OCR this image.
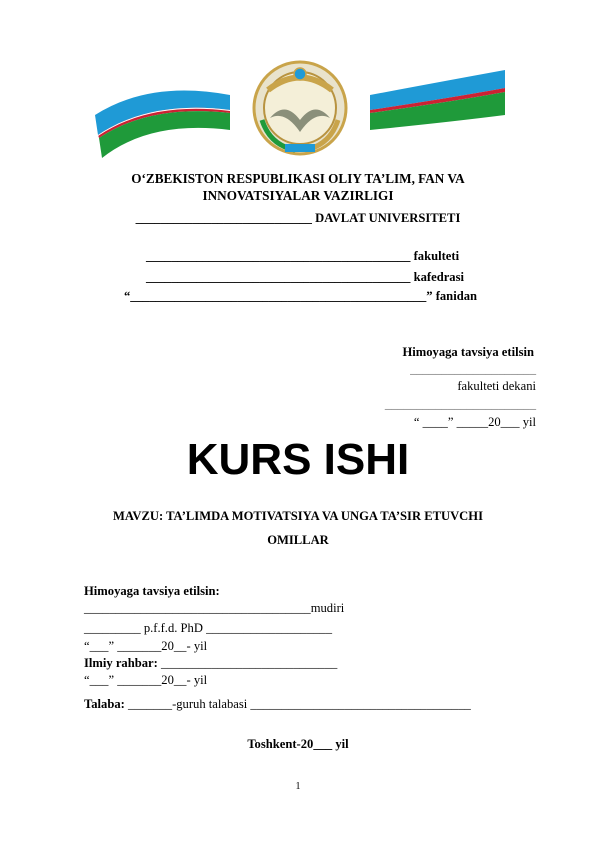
O‘ZBEKISTON RESPUBLIKASI OLIY TA’LIM, FAN VA
INNOVATSIYALAR VAZIRLIGI
____________________________ DAVLAT UNIVERSITETI
__________________________________________ fakulteti
__________________________________________ kafedrasi
“_______________________________________________” fanidan
Himoyaga tavsiya etilsin
____________________
fakulteti dekani
________________________
“ ____” _____20___ yil
KURS ISHI
MAVZU: TA’LIMDA MOTIVATSIYA VA UNGA TA’SIR ETUVCHI
OMILLAR
Himoyaga tavsiya etilsin:
____________________________________mudiri
_________ p.f.f.d. PhD ____________________
“___” _______20__- yil
Ilmiy rahbar: ____________________________
“___” _______20__- yil
Talaba: _______-guruh talabasi ___________________________________
Toshkent-20___ yil
1
